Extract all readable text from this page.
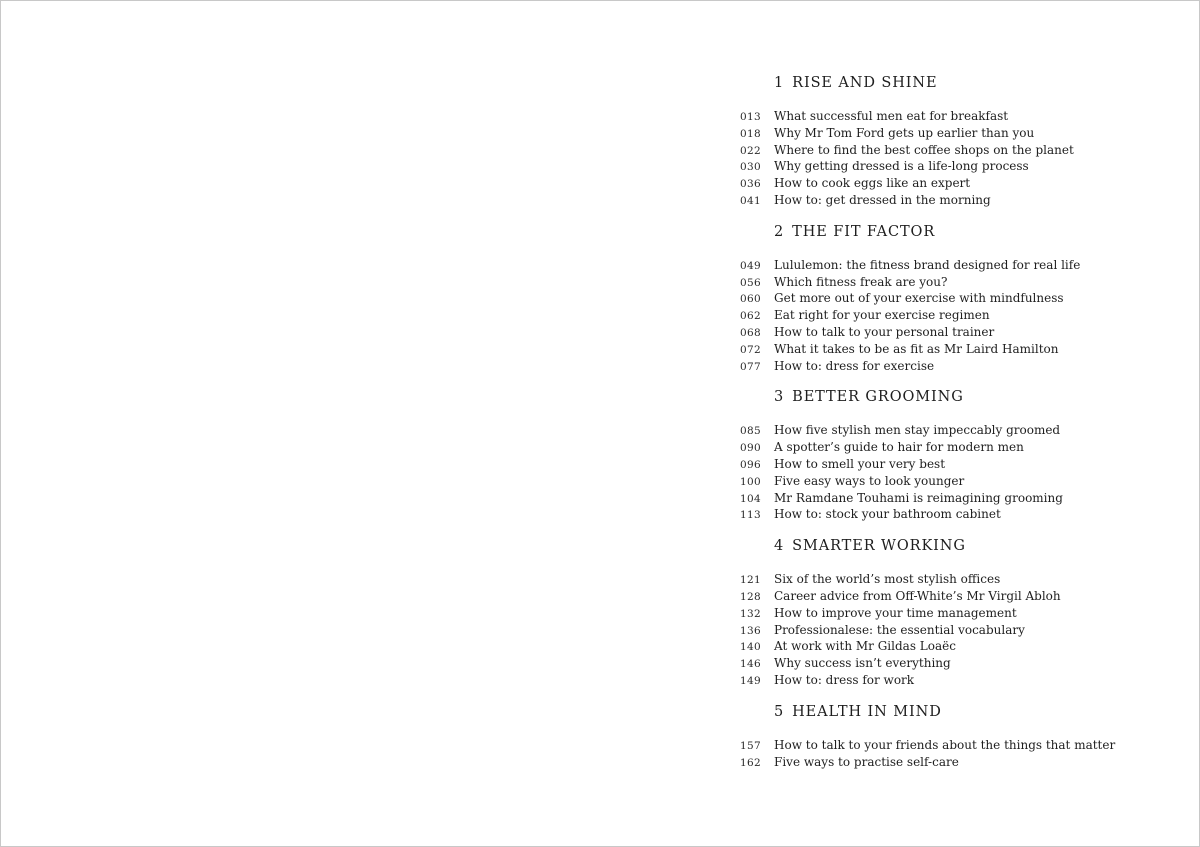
1 RISE AND SHINE
013 What successful men eat for breakfast
018 Why Mr Tom Ford gets up earlier than you
022 Where to find the best coffee shops on the planet
030 Why getting dressed is a life-long process
036 How to cook eggs like an expert
041 How to: get dressed in the morning
2 THE FIT FACTOR
049 Lululemon: the fitness brand designed for real life
056 Which fitness freak are you?
060 Get more out of your exercise with mindfulness
062 Eat right for your exercise regimen
068 How to talk to your personal trainer
072 What it takes to be as fit as Mr Laird Hamilton
077 How to: dress for exercise
3 BETTER GROOMING
085 How five stylish men stay impeccably groomed
090 A spotter’s guide to hair for modern men
096 How to smell your very best
100 Five easy ways to look younger
104 Mr Ramdane Touhami is reimagining grooming
113 How to: stock your bathroom cabinet
4 SMARTER WORKING
121 Six of the world’s most stylish offices
128 Career advice from Off-White’s Mr Virgil Abloh
132 How to improve your time management
136 Professionalese: the essential vocabulary
140 At work with Mr Gildas Loaëc
146 Why success isn’t everything
149 How to: dress for work
5 HEALTH IN MIND
157 How to talk to your friends about the things that matter
162 Five ways to practise self-care
